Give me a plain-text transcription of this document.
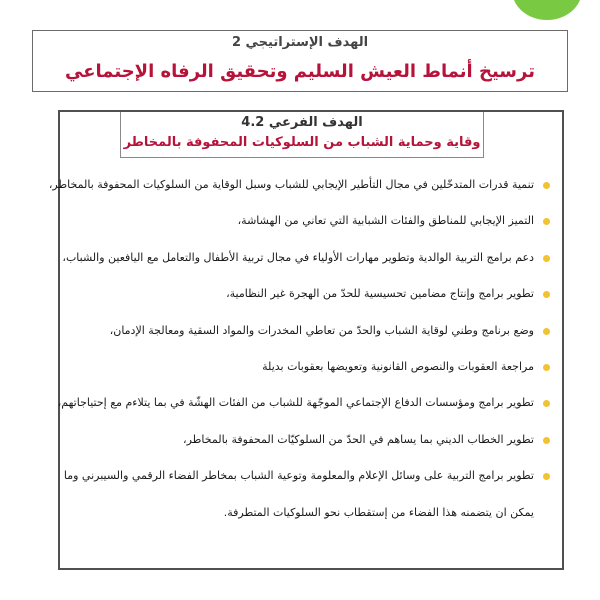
الهدف الإستراتيجي 2
ترسيخ أنماط العيش السليم وتحقيق الرفاه الإجتماعي
الهدف الفرعي 4.2
وقاية وحماية الشباب من السلوكيات المحفوفة بالمخاطر
تنمية قدرات المتدخّلين في مجال التأطير الإيجابي للشباب وسبل الوقاية من السلوكيات المحفوفة بالمخاطر،
التميز الإيجابي للمناطق والفئات الشبابية التي تعاني من الهشاشة،
دعم برامج التربية الوالدية وتطوير مهارات الأولياء في مجال تربية الأطفال والتعامل مع اليافعين والشباب،
تطوير برامج وإنتاج مضامين تحسيسية للحدّ من الهجرة غير النظامية،
وضع برنامج وطني لوقاية الشباب والحدّ من تعاطي المخدرات والمواد السقية ومعالجة الإدمان،
مراجعة العقوبات والنصوص القانونية وتعويضها بعقوبات بديلة
تطوير برامج ومؤسسات الدفاع الإجتماعي الموجّهة للشباب من الفئات الهشّة في بما يتلاءم مع إحتياجاتهم،
تطوير الخطاب الديني بما يساهم في الحدّ من السلوكيّات المحفوفة بالمخاطر،
تطوير برامج التربية على وسائل الإعلام والمعلومة وتوعية الشباب بمخاطر الفضاء الرقمي والسيبرني وما
يمكن ان يتضمنه هذا الفضاء من إستقطاب نحو السلوكيات المتطرفة.
